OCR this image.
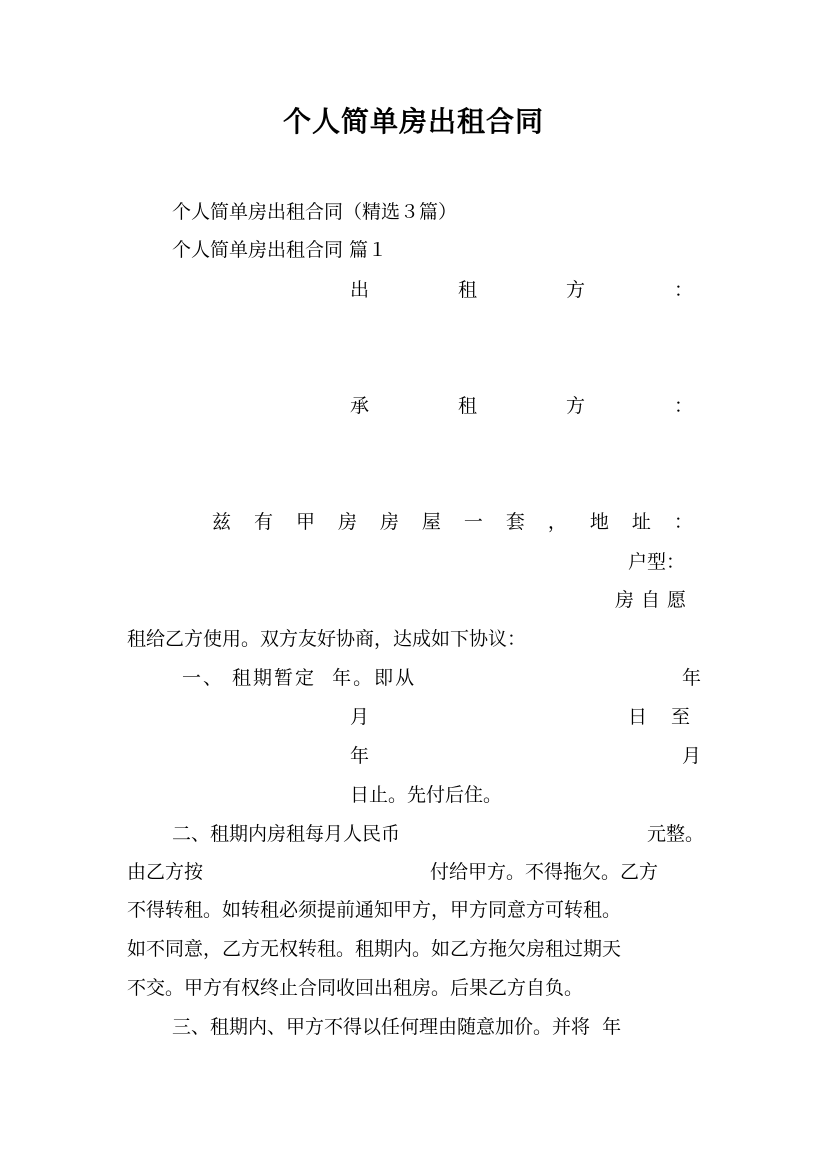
个人简单房出租合同
个人简单房出租合同（精选３篇）
个人简单房出租合同 篇１
出	租	方	：
承	租	方	：
兹 有 甲 房 房 屋 一 套 ， 地 址 ：
户型：
房自愿
租给乙方使用。双方友好协商，达成如下协议：
一、 租期暂定  年。即从	年
月	日 至
年	月
日止。先付后住。
二、租期内房租每月人民币	元整。
由乙方按	付给甲方。不得拖欠。乙方
不得转租。如转租必须提前通知甲方，甲方同意方可转租。
如不同意，乙方无权转租。租期内。如乙方拖欠房租过期天
不交。甲方有权终止合同收回出租房。后果乙方自负。
三、租期内、甲方不得以任何理由随意加价。并将  年
